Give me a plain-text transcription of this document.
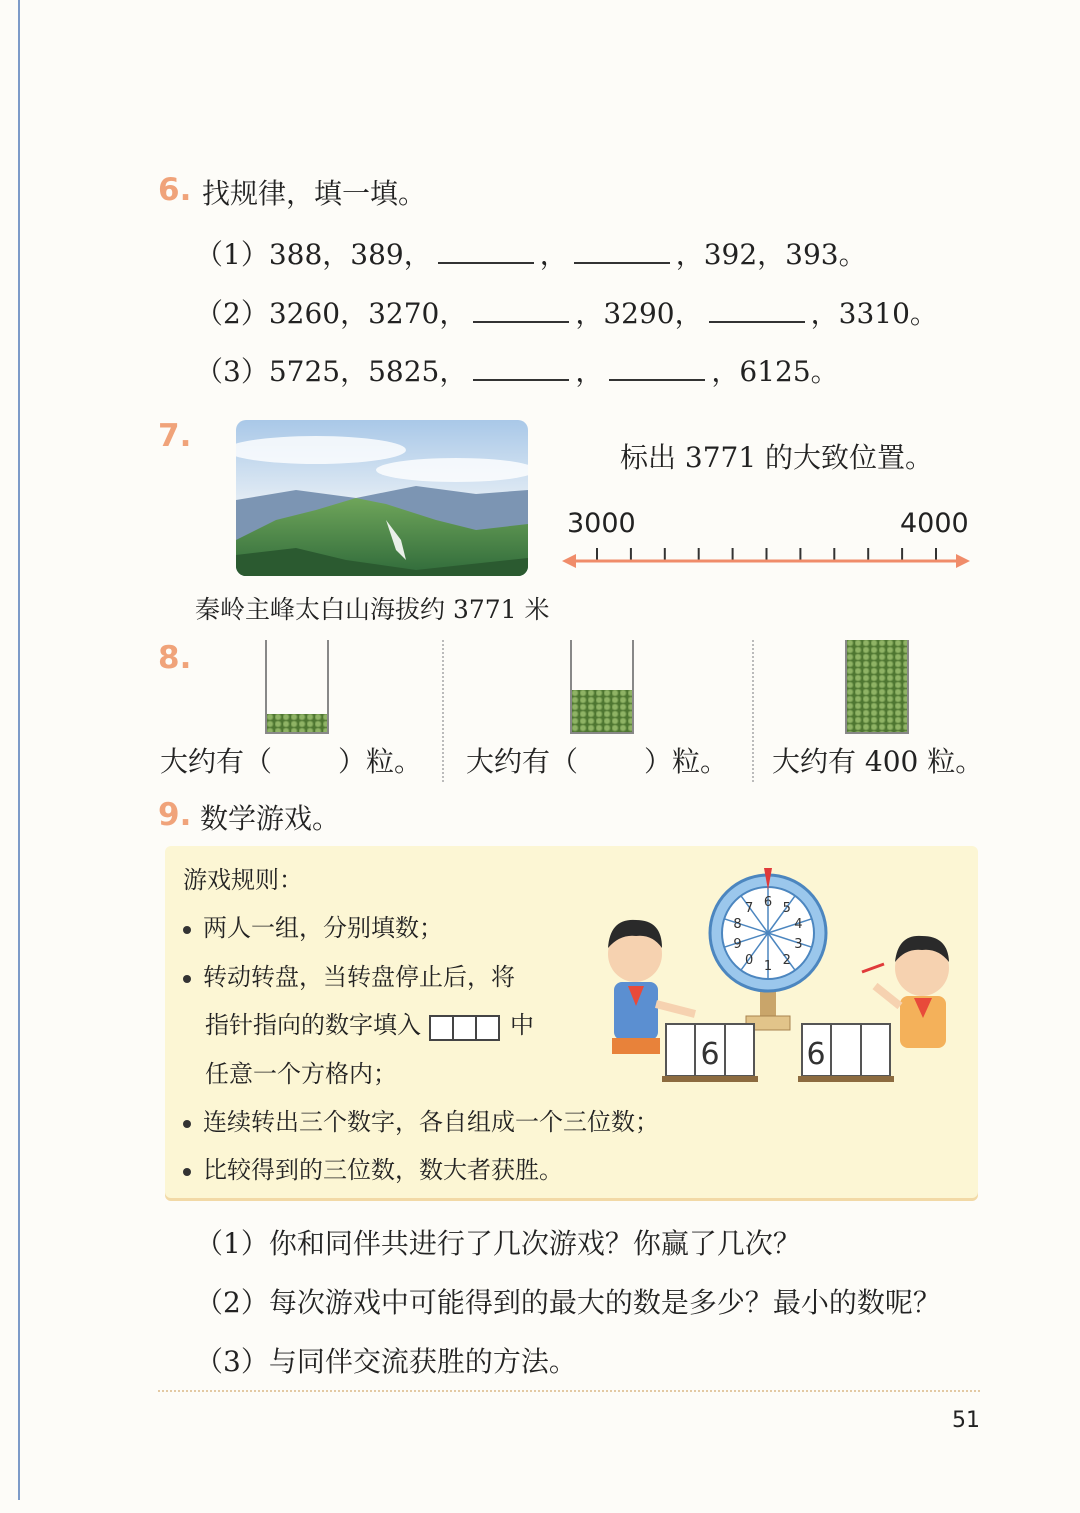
6. 找规律，填一填。
（1）388，389，	，	，392，393。
（2）3260，3270，	，3290，	，3310。
（3）5725，5825，	，	，6125。
7.
标出 3771 的大致位置。
3000	4000
秦岭主峰太白山海拔约 3771 米
8.
大约有（ ）粒。 大约有（ ）粒。 大约有 400 粒。
9. 数学游戏。
游戏规则：
两人一组，分别填数；
转动转盘，当转盘停止后，将
指针指向的数字填入	中
任意一个方格内；
连续转出三个数字，各自组成一个三位数；
比较得到的三位数，数大者获胜。
6 5
4
3
2
1
0
9
8
7
6	6
（1）你和同伴共进行了几次游戏？你赢了几次？
（2）每次游戏中可能得到的最大的数是多少？最小的数呢？
（3）与同伴交流获胜的方法。
51
